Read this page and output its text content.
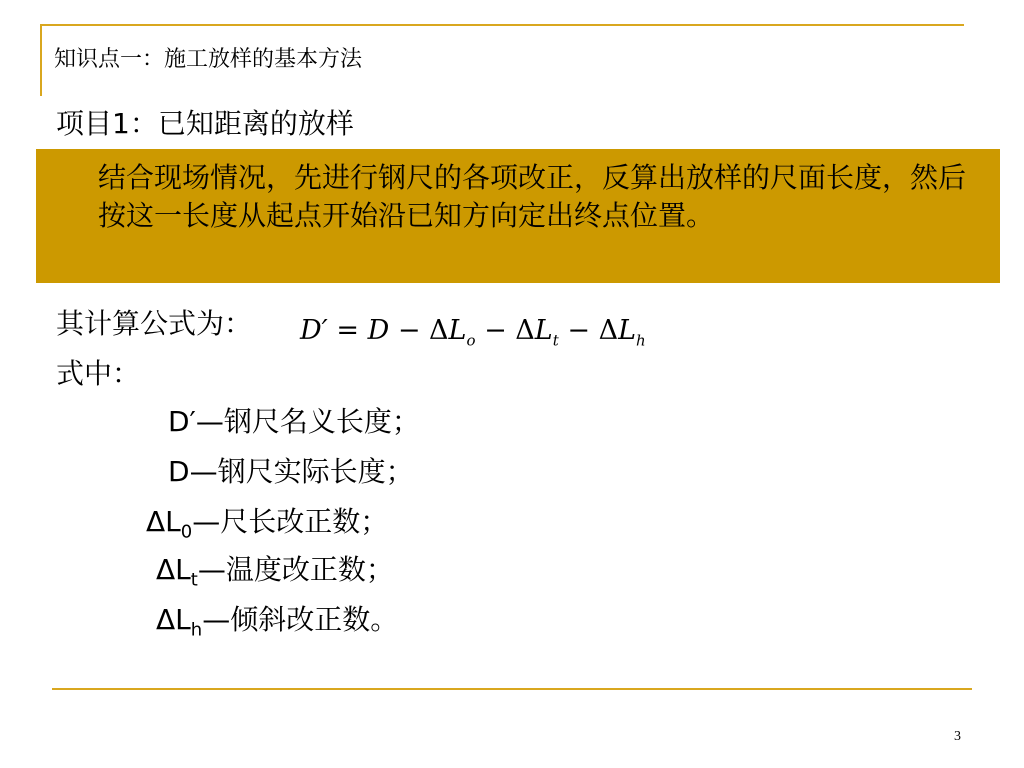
知识点一：施工放样的基本方法
项目1：已知距离的放样
结合现场情况，先进行钢尺的各项改正，反算出放样的尺面长度，然后按这一长度从起点开始沿已知方向定出终点位置。
其计算公式为： $D' = D - \Delta L_o - \Delta L_t - \Delta L_h$
式中：
D′—钢尺名义长度；
D—钢尺实际长度；
$\Delta L_0—$尺长改正数；
$\Delta L_t—$温度改正数；
$\Delta L_h—$倾斜改正数。
3
